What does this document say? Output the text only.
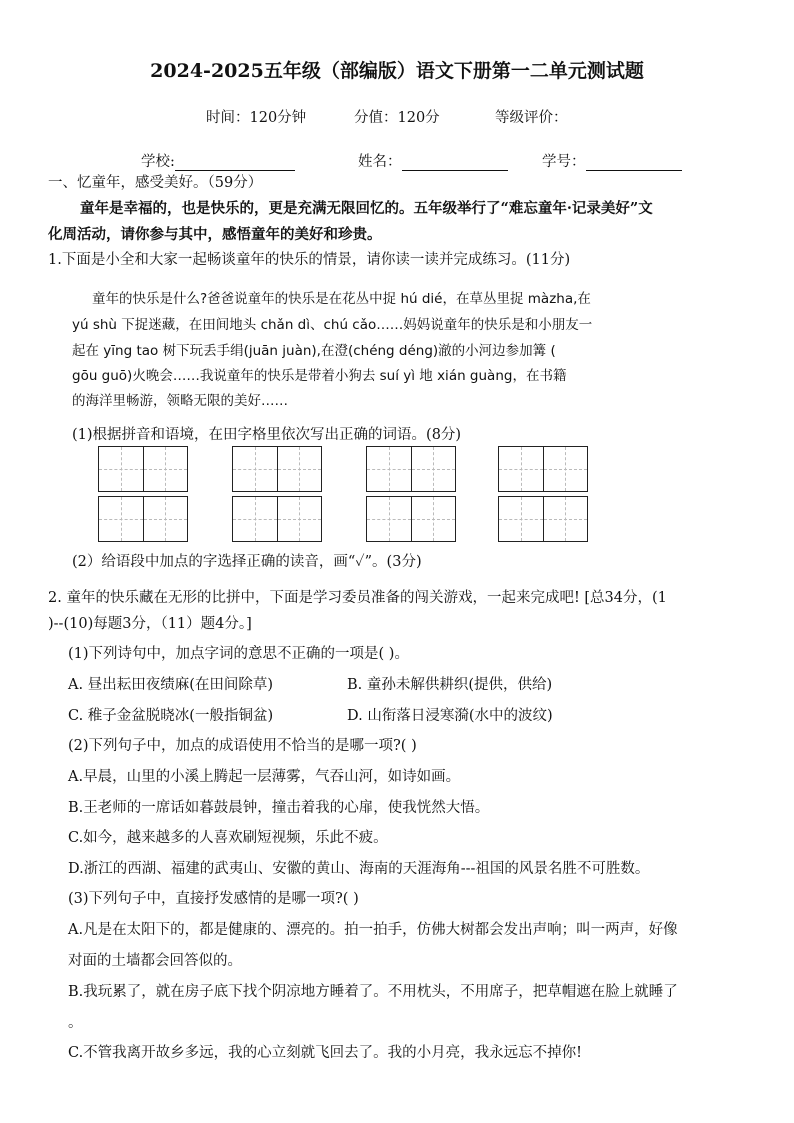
2024-2025五年级（部编版）语文下册第一二单元测试题
时间：120分钟	分值：120分	等级评价：
学校:	姓名：	学号：
一、忆童年，感受美好。（59分）
童年是幸福的，也是快乐的，更是充满无限回忆的。五年级举行了“难忘童年·记录美好”文
化周活动，请你参与其中，感悟童年的美好和珍贵。
1.下面是小全和大家一起畅谈童年的快乐的情景，请你读一读并完成练习。(11分)
童年的快乐是什么?爸爸说童年的快乐是在花丛中捉 hú dié，在草丛里捉 màzha,在
yú shù 下捉迷藏，在田间地头 chǎn dì、chú cǎo……妈妈说童年的快乐是和小朋友一
起在 yīng tao 树下玩丢手绢(juān juàn),在澄(chéng déng)澈的小河边参加篝 (
gōu guō)火晚会……我说童年的快乐是带着小狗去 suí yì 地 xián guàng，在书籍
的海洋里畅游，领略无限的美好……
(1)根据拼音和语境，在田字格里依次写出正确的词语。(8分)
(2）给语段中加点的字选择正确的读音，画“✓”。(3分)
2. 童年的快乐藏在无形的比拼中，下面是学习委员准备的闯关游戏，一起来完成吧! [总34分，(1
)--(10)每题3分，（11）题4分。]
(1)下列诗句中，加点字词的意思不正确的一项是( )。
A. 昼出耘田夜绩麻(在田间除草)	B. 童孙未解供耕织(提供，供给)
C. 稚子金盆脱晓冰(一般指铜盆)	D. 山衔落日浸寒漪(水中的波纹)
(2)下列句子中，加点的成语使用不恰当的是哪一项?( )
A.早晨，山里的小溪上腾起一层薄雾，气吞山河，如诗如画。
B.王老师的一席话如暮鼓晨钟，撞击着我的心扉，使我恍然大悟。
C.如今，越来越多的人喜欢刷短视频，乐此不疲。
D.浙江的西湖、福建的武夷山、安徽的黄山、海南的天涯海角---祖国的风景名胜不可胜数。
(3)下列句子中，直接抒发感情的是哪一项?( )
A.凡是在太阳下的，都是健康的、漂亮的。拍一拍手，仿佛大树都会发出声响；叫一两声，好像
对面的土墙都会回答似的。
B.我玩累了，就在房子底下找个阴凉地方睡着了。不用枕头，不用席子，把草帽遮在脸上就睡了
。
C.不管我离开故乡多远，我的心立刻就飞回去了。我的小月亮，我永远忘不掉你!
